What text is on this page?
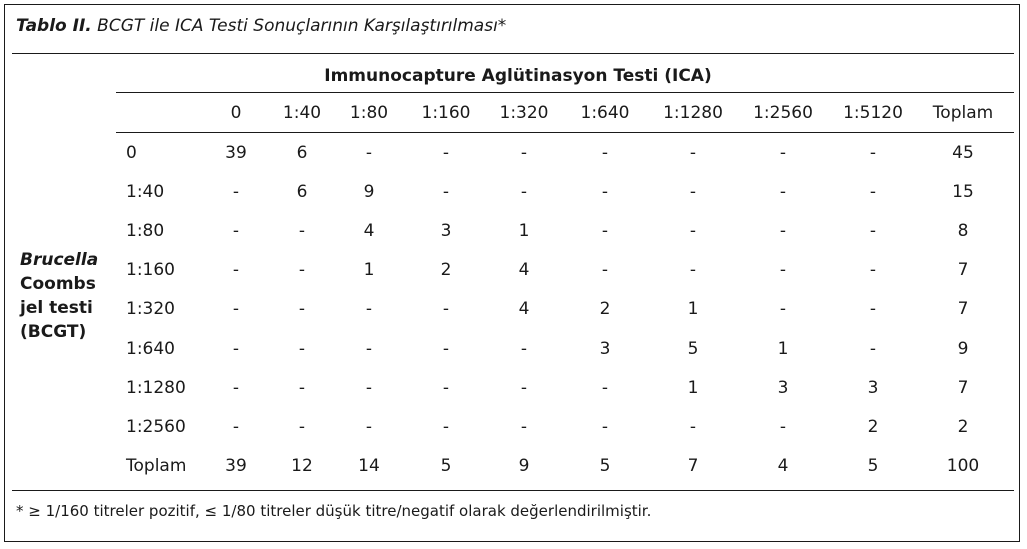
Tablo II. BCGT ile ICA Testi Sonuçlarının Karşılaştırılması*
Immunocapture Aglütinasyon Testi (ICA)
0 1:40 1:80 1:160 1:320 1:640 1:1280 1:2560 1:5120 Toplam
0	39	6	-	-	-	-	-	-	-	45
1:40	-	6	9	-	-	-	-	-	-	15
1:80	-	-	4	3	1	-	-	-	-	8
1:160	-	-	1	2	4	-	-	-	-	7
1:320	-	-	-	-	4	2	1	-	-	7
1:640	-	-	-	-	-	3	5	1	-	9
1:1280	-	-	-	-	-	-	1	3	3	7
1:2560	-	-	-	-	-	-	-	-	2	2
Toplam 39	12	14	5	9	5	7	4	5	100
Brucella
Coombs
jel testi
(BCGT)
* ≥ 1/160 titreler pozitif, ≤ 1/80 titreler düşük titre/negatif olarak değerlendirilmiştir.
